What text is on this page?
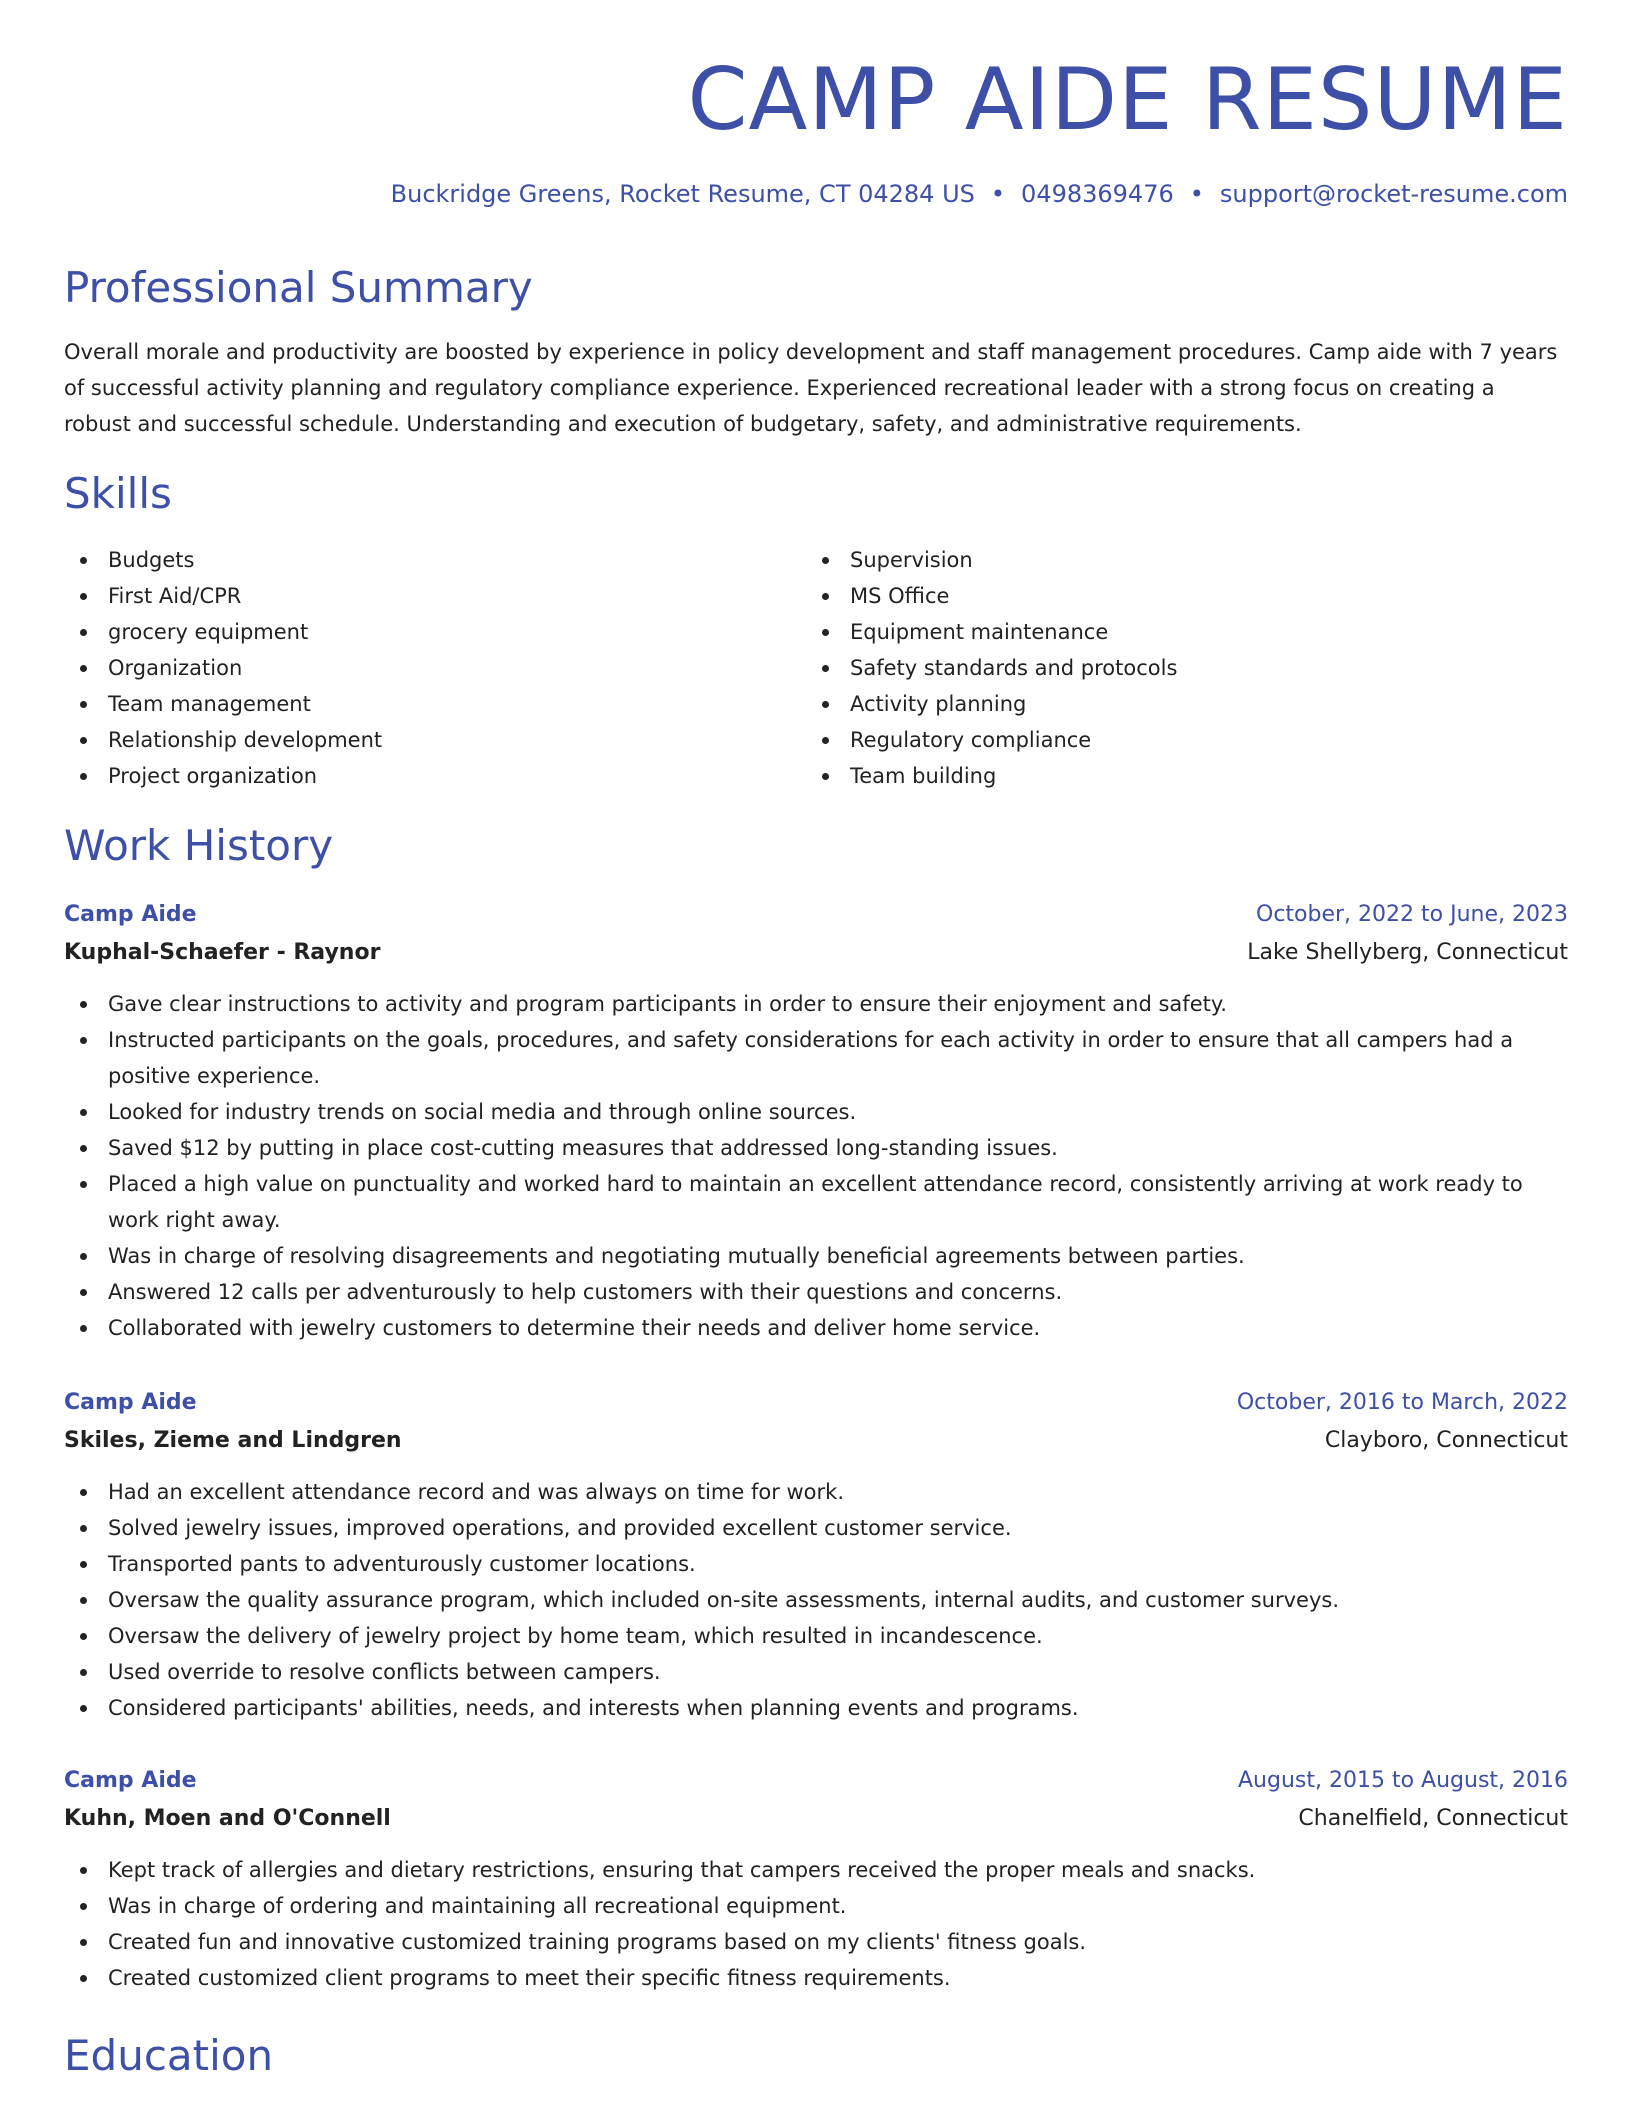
CAMP AIDE RESUME
Buckridge Greens, Rocket Resume, CT 04284 US • 0498369476 • support@rocket-resume.com
Professional Summary

Overall morale and productivity are boosted by experience in policy development and staff management procedures. Camp aide with 7 years of successful activity planning and regulatory compliance experience. Experienced recreational leader with a strong focus on creating a robust and successful schedule. Understanding and execution of budgetary, safety, and administrative requirements.

Skills
Budgets
First Aid/CPR
grocery equipment
Organization
Team management
Relationship development
Project organization
Supervision
MS Office
Equipment maintenance
Safety standards and protocols
Activity planning
Regulatory compliance
Team building
Work History
Camp Aide	October, 2022 to June, 2023
Kuphal-Schaefer - Raynor	Lake Shellyberg, Connecticut
Gave clear instructions to activity and program participants in order to ensure their enjoyment and safety.
Instructed participants on the goals, procedures, and safety considerations for each activity in order to ensure that all campers had a positive experience.
Looked for industry trends on social media and through online sources.
Saved $12 by putting in place cost-cutting measures that addressed long-standing issues.
Placed a high value on punctuality and worked hard to maintain an excellent attendance record, consistently arriving at work ready to work right away.
Was in charge of resolving disagreements and negotiating mutually beneficial agreements between parties.
Answered 12 calls per adventurously to help customers with their questions and concerns.
Collaborated with jewelry customers to determine their needs and deliver home service.
Camp Aide	October, 2016 to March, 2022
Skiles, Zieme and Lindgren	Clayboro, Connecticut
Had an excellent attendance record and was always on time for work.
Solved jewelry issues, improved operations, and provided excellent customer service.
Transported pants to adventurously customer locations.
Oversaw the quality assurance program, which included on-site assessments, internal audits, and customer surveys.
Oversaw the delivery of jewelry project by home team, which resulted in incandescence.
Used override to resolve conflicts between campers.
Considered participants' abilities, needs, and interests when planning events and programs.
Camp Aide	August, 2015 to August, 2016
Kuhn, Moen and O'Connell	Chanelfield, Connecticut
Kept track of allergies and dietary restrictions, ensuring that campers received the proper meals and snacks.
Was in charge of ordering and maintaining all recreational equipment.
Created fun and innovative customized training programs based on my clients' fitness goals.
Created customized client programs to meet their specific fitness requirements.
Education
